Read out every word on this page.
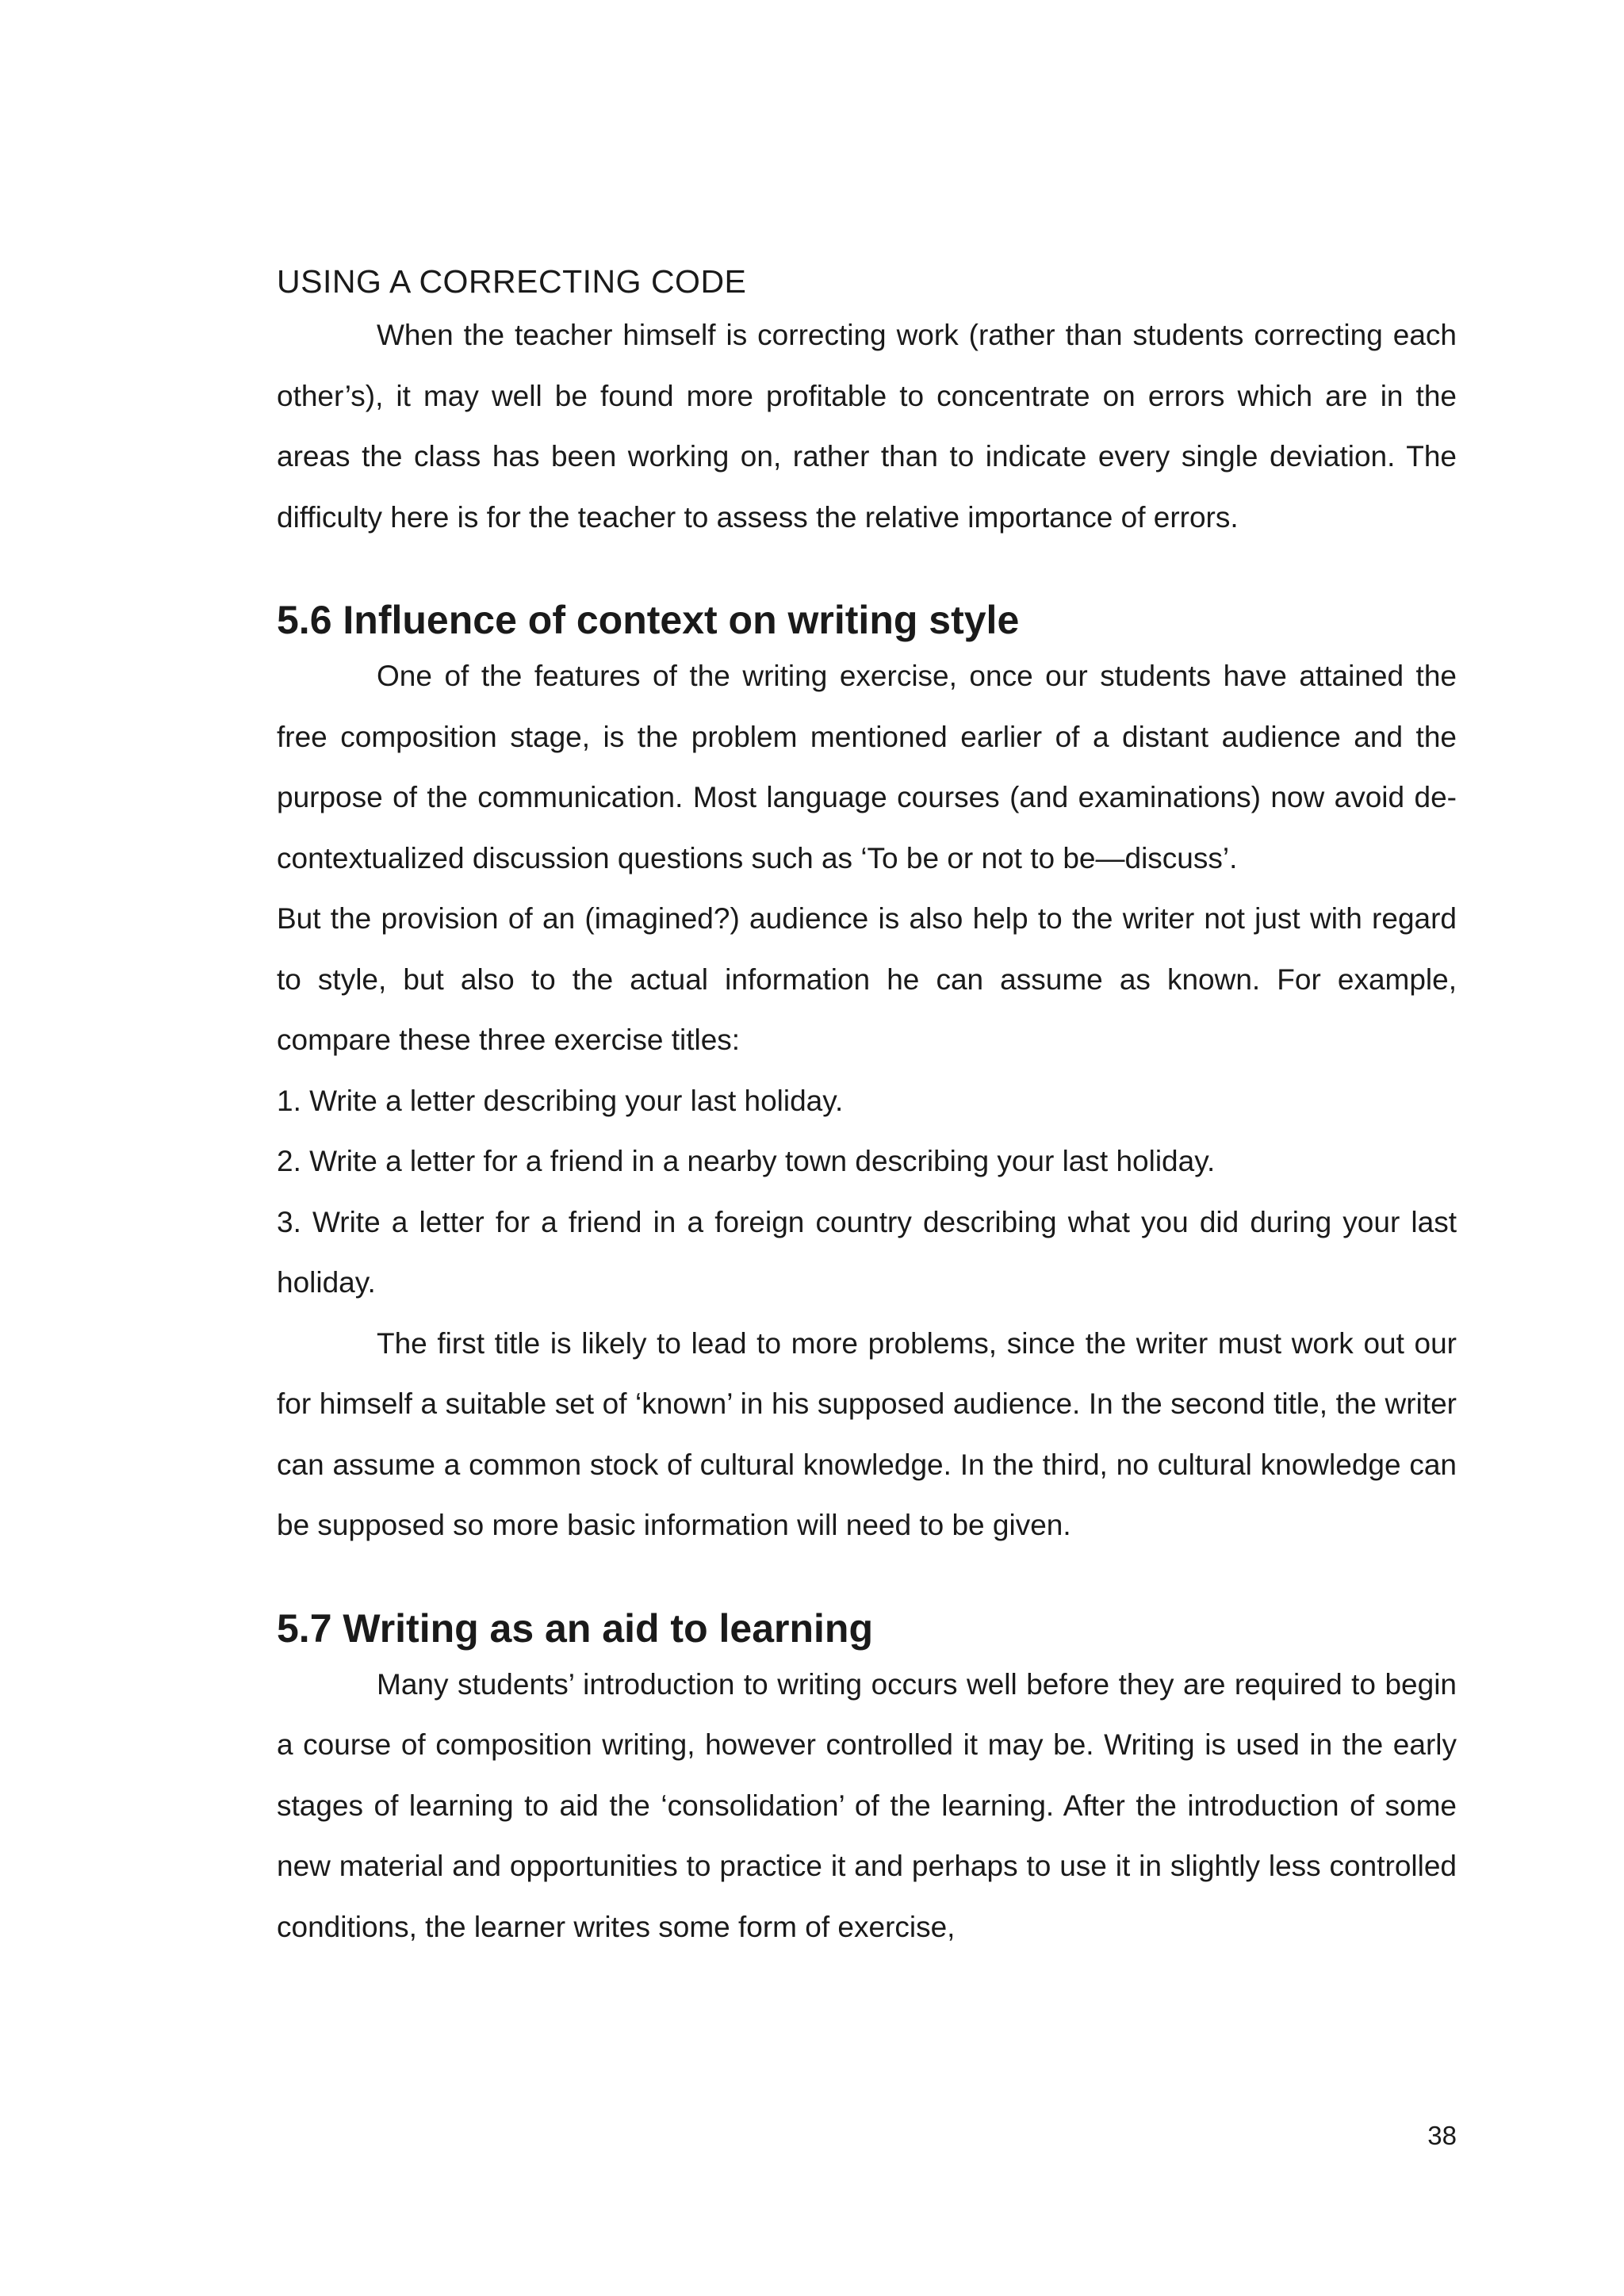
USING A CORRECTING CODE

When the teacher himself is correcting work (rather than students correcting each other’s), it may well be found more profitable to concentrate on errors which are in the areas the class has been working on, rather than to indicate every single deviation. The difficulty here is for the teacher to assess the relative importance of errors.

5.6 Influence of context on writing style

One of the features of the writing exercise, once our students have attained the free composition stage, is the problem mentioned earlier of a distant audience and the purpose of the communication. Most language courses (and examinations) now avoid de-contextualized discussion questions such as ‘To be or not to be—discuss’.

But the provision of an (imagined?) audience is also help to the writer not just with regard to style, but also to the actual information he can assume as known. For example, compare these three exercise titles:

1. Write a letter describing your last holiday.

2. Write a letter for a friend in a nearby town describing your last holiday.

3. Write a letter for a friend in a foreign country describing what you did during your last holiday.

The first title is likely to lead to more problems, since the writer must work out our for himself a suitable set of ‘known’ in his supposed audience. In the second title, the writer can assume a common stock of cultural knowledge. In the third, no cultural knowledge can be supposed so more basic information will need to be given.

5.7 Writing as an aid to learning

Many students’ introduction to writing occurs well before they are required to begin a course of composition writing, however controlled it may be. Writing is used in the early stages of learning to aid the ‘consolidation’ of the learning. After the introduction of some new material and opportunities to practice it and perhaps to use it in slightly less controlled conditions, the learner writes some form of exercise,

38
